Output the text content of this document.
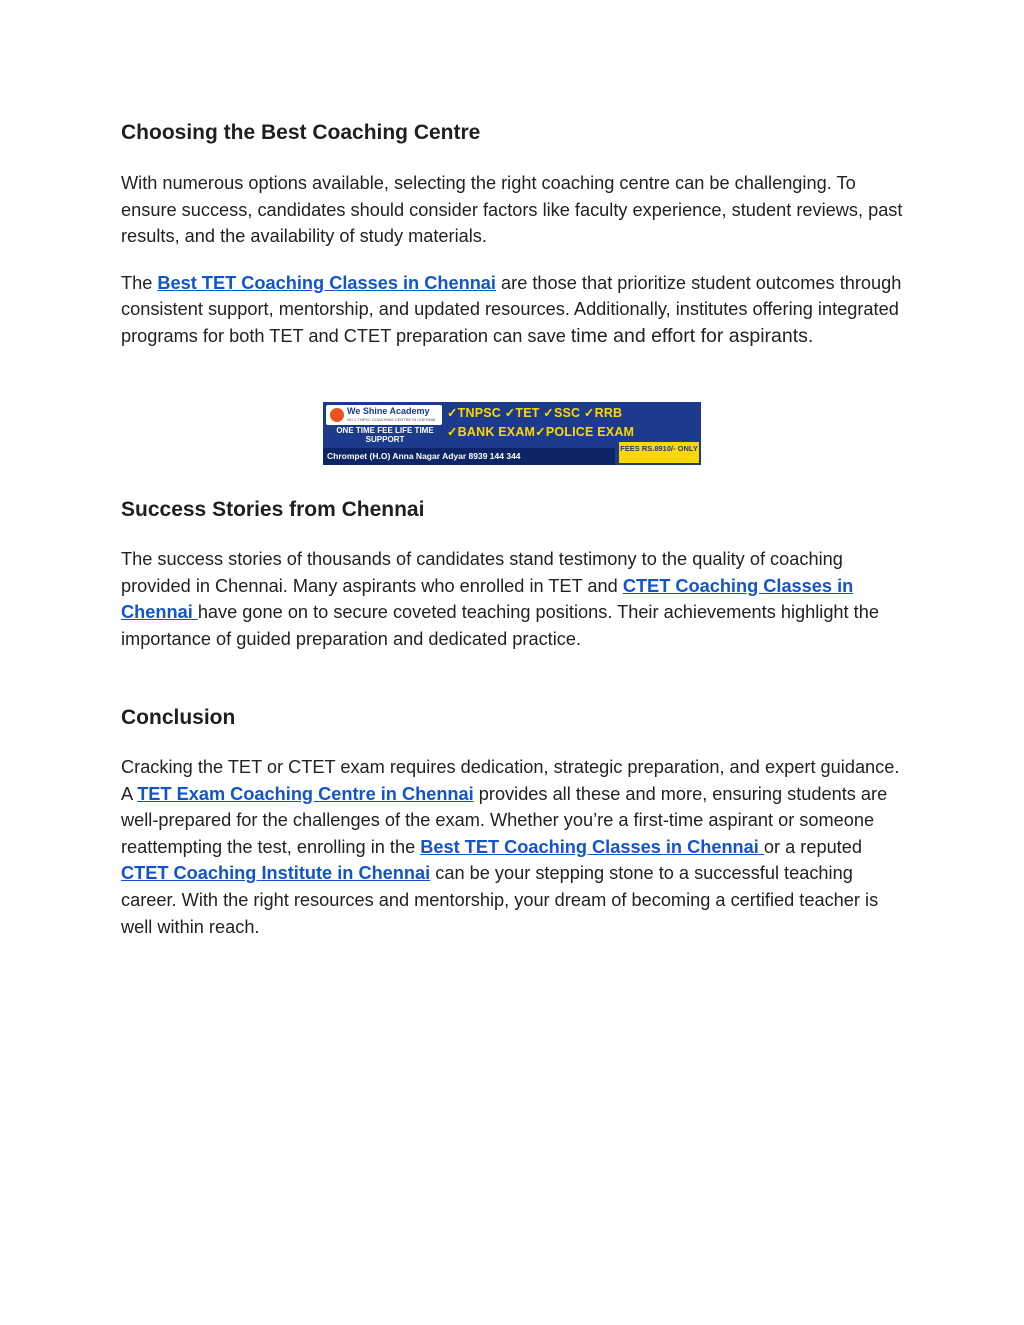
Choosing the Best Coaching Centre

With numerous options available, selecting the right coaching centre can be challenging. To ensure success, candidates should consider factors like faculty experience, student reviews, past results, and the availability of study materials.

The Best TET Coaching Classes in Chennai are those that prioritize student outcomes through consistent support, mentorship, and updated resources. Additionally, institutes offering integrated programs for both TET and CTET preparation can save time and effort for aspirants.

Success Stories from Chennai

The success stories of thousands of candidates stand testimony to the quality of coaching provided in Chennai. Many aspirants who enrolled in TET and CTET Coaching Classes in Chennai have gone on to secure coveted teaching positions. Their achievements highlight the importance of guided preparation and dedicated practice.

Conclusion

Cracking the TET or CTET exam requires dedication, strategic preparation, and expert guidance. A TET Exam Coaching Centre in Chennai provides all these and more, ensuring students are well-prepared for the challenges of the exam. Whether you’re a first-time aspirant or someone reattempting the test, enrolling in the Best TET Coaching Classes in Chennai or a reputed CTET Coaching Institute in Chennai can be your stepping stone to a successful teaching career. With the right resources and mentorship, your dream of becoming a certified teacher is well within reach.

We Shine Academy
NO.1 TNPSC COACHING CENTRE IN CHENNAI ✓TNPSC ✓TET ✓SSC ✓RRB
ONE TIME FEE LIFE TIME SUPPORT
✓BANK EXAM✓POLICE EXAM
Chrompet (H.O) Anna Nagar Adyar 8939 144 344
FEES RS.8910/- ONLY
